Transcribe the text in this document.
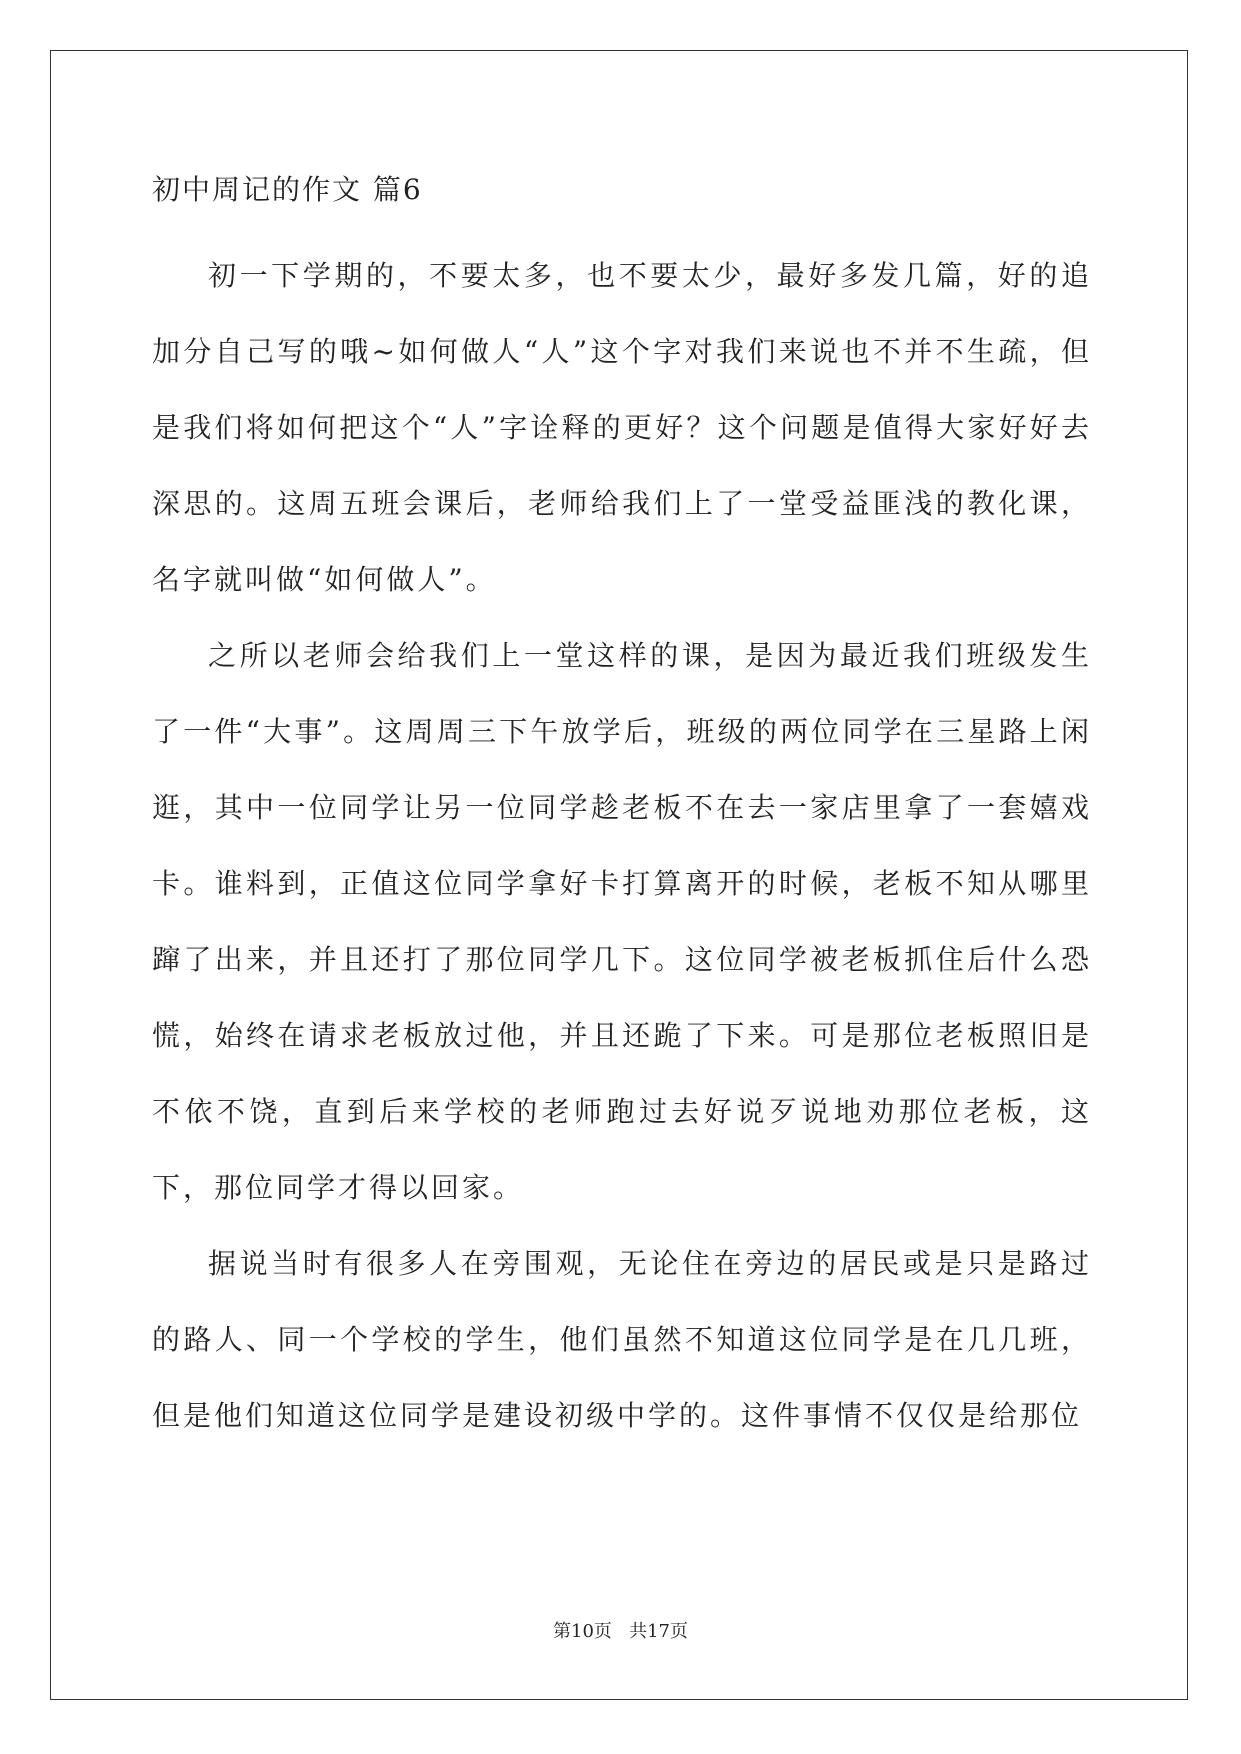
初中周记的作文 篇6

初一下学期的，不要太多，也不要太少，最好多发几篇，好的追加分自己写的哦~如何做人“人”这个字对我们来说也不并不生疏，但是我们将如何把这个“人”字诠释的更好？这个问题是值得大家好好去深思的。这周五班会课后，老师给我们上了一堂受益匪浅的教化课，名字就叫做“如何做人”。

之所以老师会给我们上一堂这样的课，是因为最近我们班级发生了一件“大事”。这周周三下午放学后，班级的两位同学在三星路上闲逛，其中一位同学让另一位同学趁老板不在去一家店里拿了一套嬉戏卡。谁料到，正值这位同学拿好卡打算离开的时候，老板不知从哪里蹿了出来，并且还打了那位同学几下。这位同学被老板抓住后什么恐慌，始终在请求老板放过他，并且还跪了下来。可是那位老板照旧是不依不饶，直到后来学校的老师跑过去好说歹说地劝那位老板，这下，那位同学才得以回家。

据说当时有很多人在旁围观，无论住在旁边的居民或是只是路过的路人、同一个学校的学生，他们虽然不知道这位同学是在几几班，但是他们知道这位同学是建设初级中学的。这件事情不仅仅是给那位

第10页 共17页
